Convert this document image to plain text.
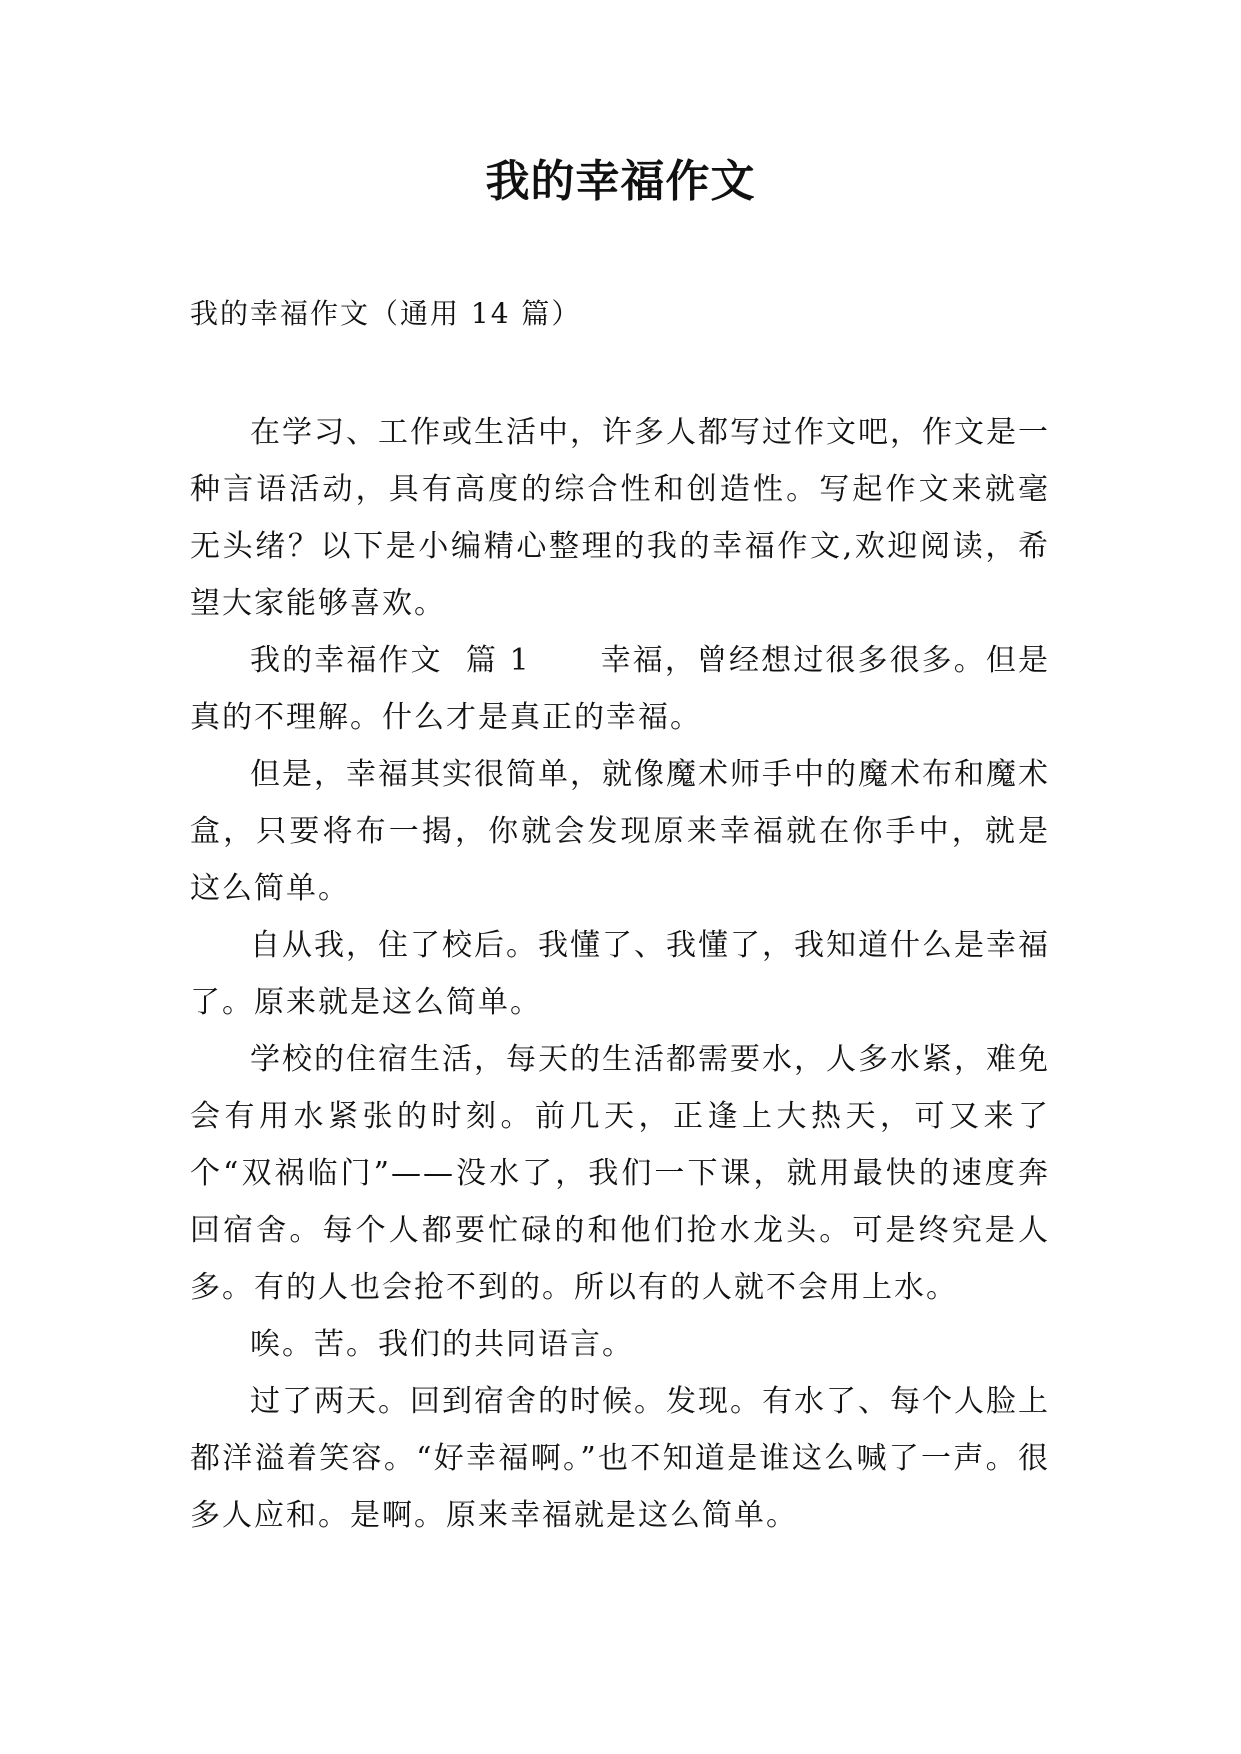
我的幸福作文

我的幸福作文（通用 14 篇）

在学习、工作或生活中，许多人都写过作文吧，作文是一种言语活动，具有高度的综合性和创造性。写起作文来就毫无头绪？以下是小编精心整理的我的幸福作文,欢迎阅读，希望大家能够喜欢。

我的幸福作文  篇 1      幸福，曾经想过很多很多。但是真的不理解。什么才是真正的幸福。

但是，幸福其实很简单，就像魔术师手中的魔术布和魔术盒，只要将布一揭，你就会发现原来幸福就在你手中，就是这么简单。

自从我，住了校后。我懂了、我懂了，我知道什么是幸福了。原来就是这么简单。

学校的住宿生活，每天的生活都需要水，人多水紧，难免会有用水紧张的时刻。前几天，正逢上大热天，可又来了个“双祸临门”——没水了，我们一下课，就用最快的速度奔回宿舍。每个人都要忙碌的和他们抢水龙头。可是终究是人多。有的人也会抢不到的。所以有的人就不会用上水。

唉。苦。我们的共同语言。

过了两天。回到宿舍的时候。发现。有水了、每个人脸上都洋溢着笑容。“好幸福啊。”也不知道是谁这么喊了一声。很多人应和。是啊。原来幸福就是这么简单。
